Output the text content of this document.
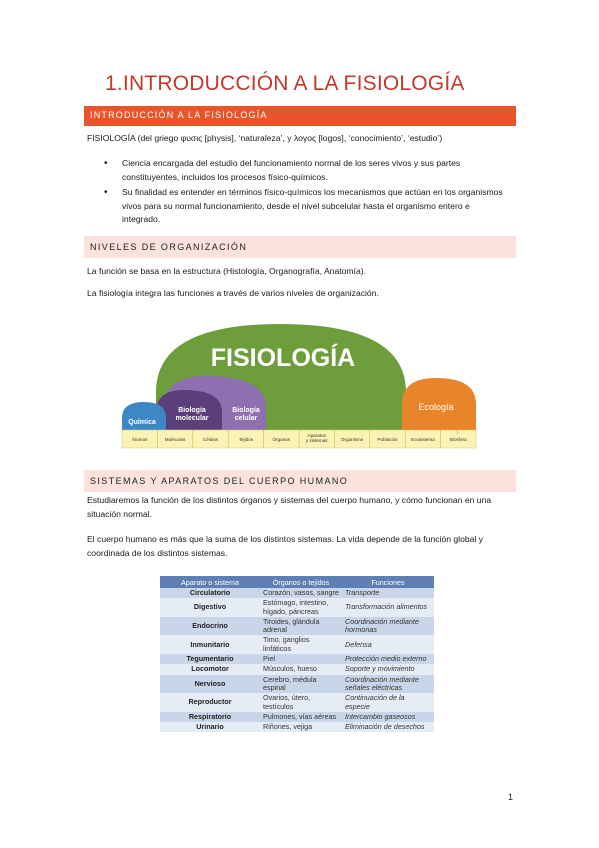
1.INTRODUCCIÓN A LA FISIOLOGÍA
INTRODUCCIÓN A LA FISIOLOGÍA
FISIOLOGÍA (del griego φυσις [physis], ‘naturaleza’, y λογος [logos], ‘conocimiento’, ‘estudio’)
• Ciencia encargada del estudio del funcionamiento normal de los seres vivos y sus partes constituyentes, incluidos los procesos físico-químicos.
• Su finalidad es entender en términos físico-químicos los mecanismos que actúan en los organismos vivos para su normal funcionamiento, desde el nivel subcelular hasta el organismo entero e integrado.
NIVELES DE ORGANIZACIÓN
La función se basa en la estructura (Histología, Organografía, Anatomía).
La fisiología integra las funciones a través de varios niveles de organización.
FISIOLOGÍA
Ecología
Química
Biología molecular
Biología celular
Átomos	Moléculas	Células	Tejidos	Órganos
Aparatos y sistemas	Organismo	Población	Ecosistema	Biosfera
1
SISTEMAS Y APARATOS DEL CUERPO HUMANO
Estudiaremos la función de los distintos órganos y sistemas del cuerpo humano, y cómo funcionan en una situación normal.
El cuerpo humano es más que la suma de los distintos sistemas. La vida depende de la función global y coordinada de los distintos sistemas.
Aparato o sistema	Órganos o tejidos	Funciones
Circulatorio	Corazón, vasos, sangre	Transporte
Digestivo	Estómago, intestino, hígado, páncreas	Transformación alimentos
Endocrino	Tiroides, glándula adrenal	Coordinación mediante hormonas
Inmunitario	Timo, ganglios linfáticos	Defensa
Tegumentario	Piel	Protección medio externo
Locomotor	Músculos, hueso	Soporte y movimiento
Nervioso	Cerebro, médula espinal	Coordinación mediante señales eléctricas
Reproductor	Ovarios, útero, testículos	Continuación de la especie
Respiratorio	Pulmones, vías aéreas	Intercambio gaseosos
Urinario	Riñones, vejiga	Eliminación de desechos
1
